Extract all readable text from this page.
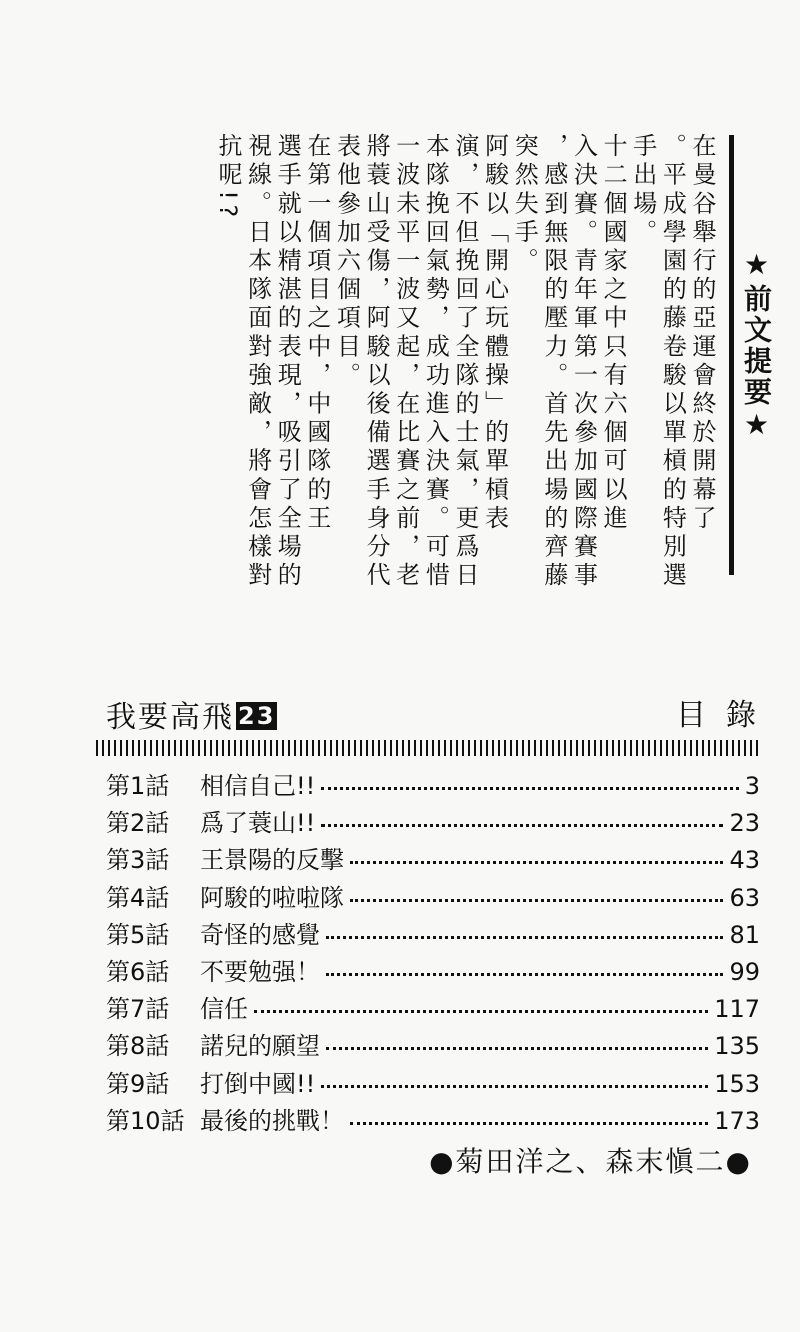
★前文提要★
在曼谷舉行的亞運會終於開幕了
。平成學園的藤卷駿以單槓的特別選
手出場。
十二個國家之中只有六個可以進
入決賽。青年軍第一次參加國際賽事
，感到無限的壓力。首先出場的齊藤
突然失手。
阿駿以「開心玩體操」的單槓表
演，不但挽回了全隊的士氣，更爲日
本隊挽回氣勢，成功進入決賽。可惜
一波未平一波又起，在比賽之前，老
將蓑山受傷，阿駿以後備選手身分代
表他參加六個項目。
在第一個項目之中，中國隊的王
選手就以精湛的表現，吸引了全場的
視線。日本隊面對強敵，將會怎樣對
抗呢!?
我要高飛 23	目錄
第1話	相信自己!!	3
第2話	爲了蓑山!!	23
第3話	王景陽的反擊	43
第4話	阿駿的啦啦隊	63
第5話	奇怪的感覺	81
第6話	不要勉强！	99
第7話	信任	117
第8話	諾兒的願望	135
第9話	打倒中國!!	153
第10話 最後的挑戰！	173
●菊田洋之、森末愼二●
